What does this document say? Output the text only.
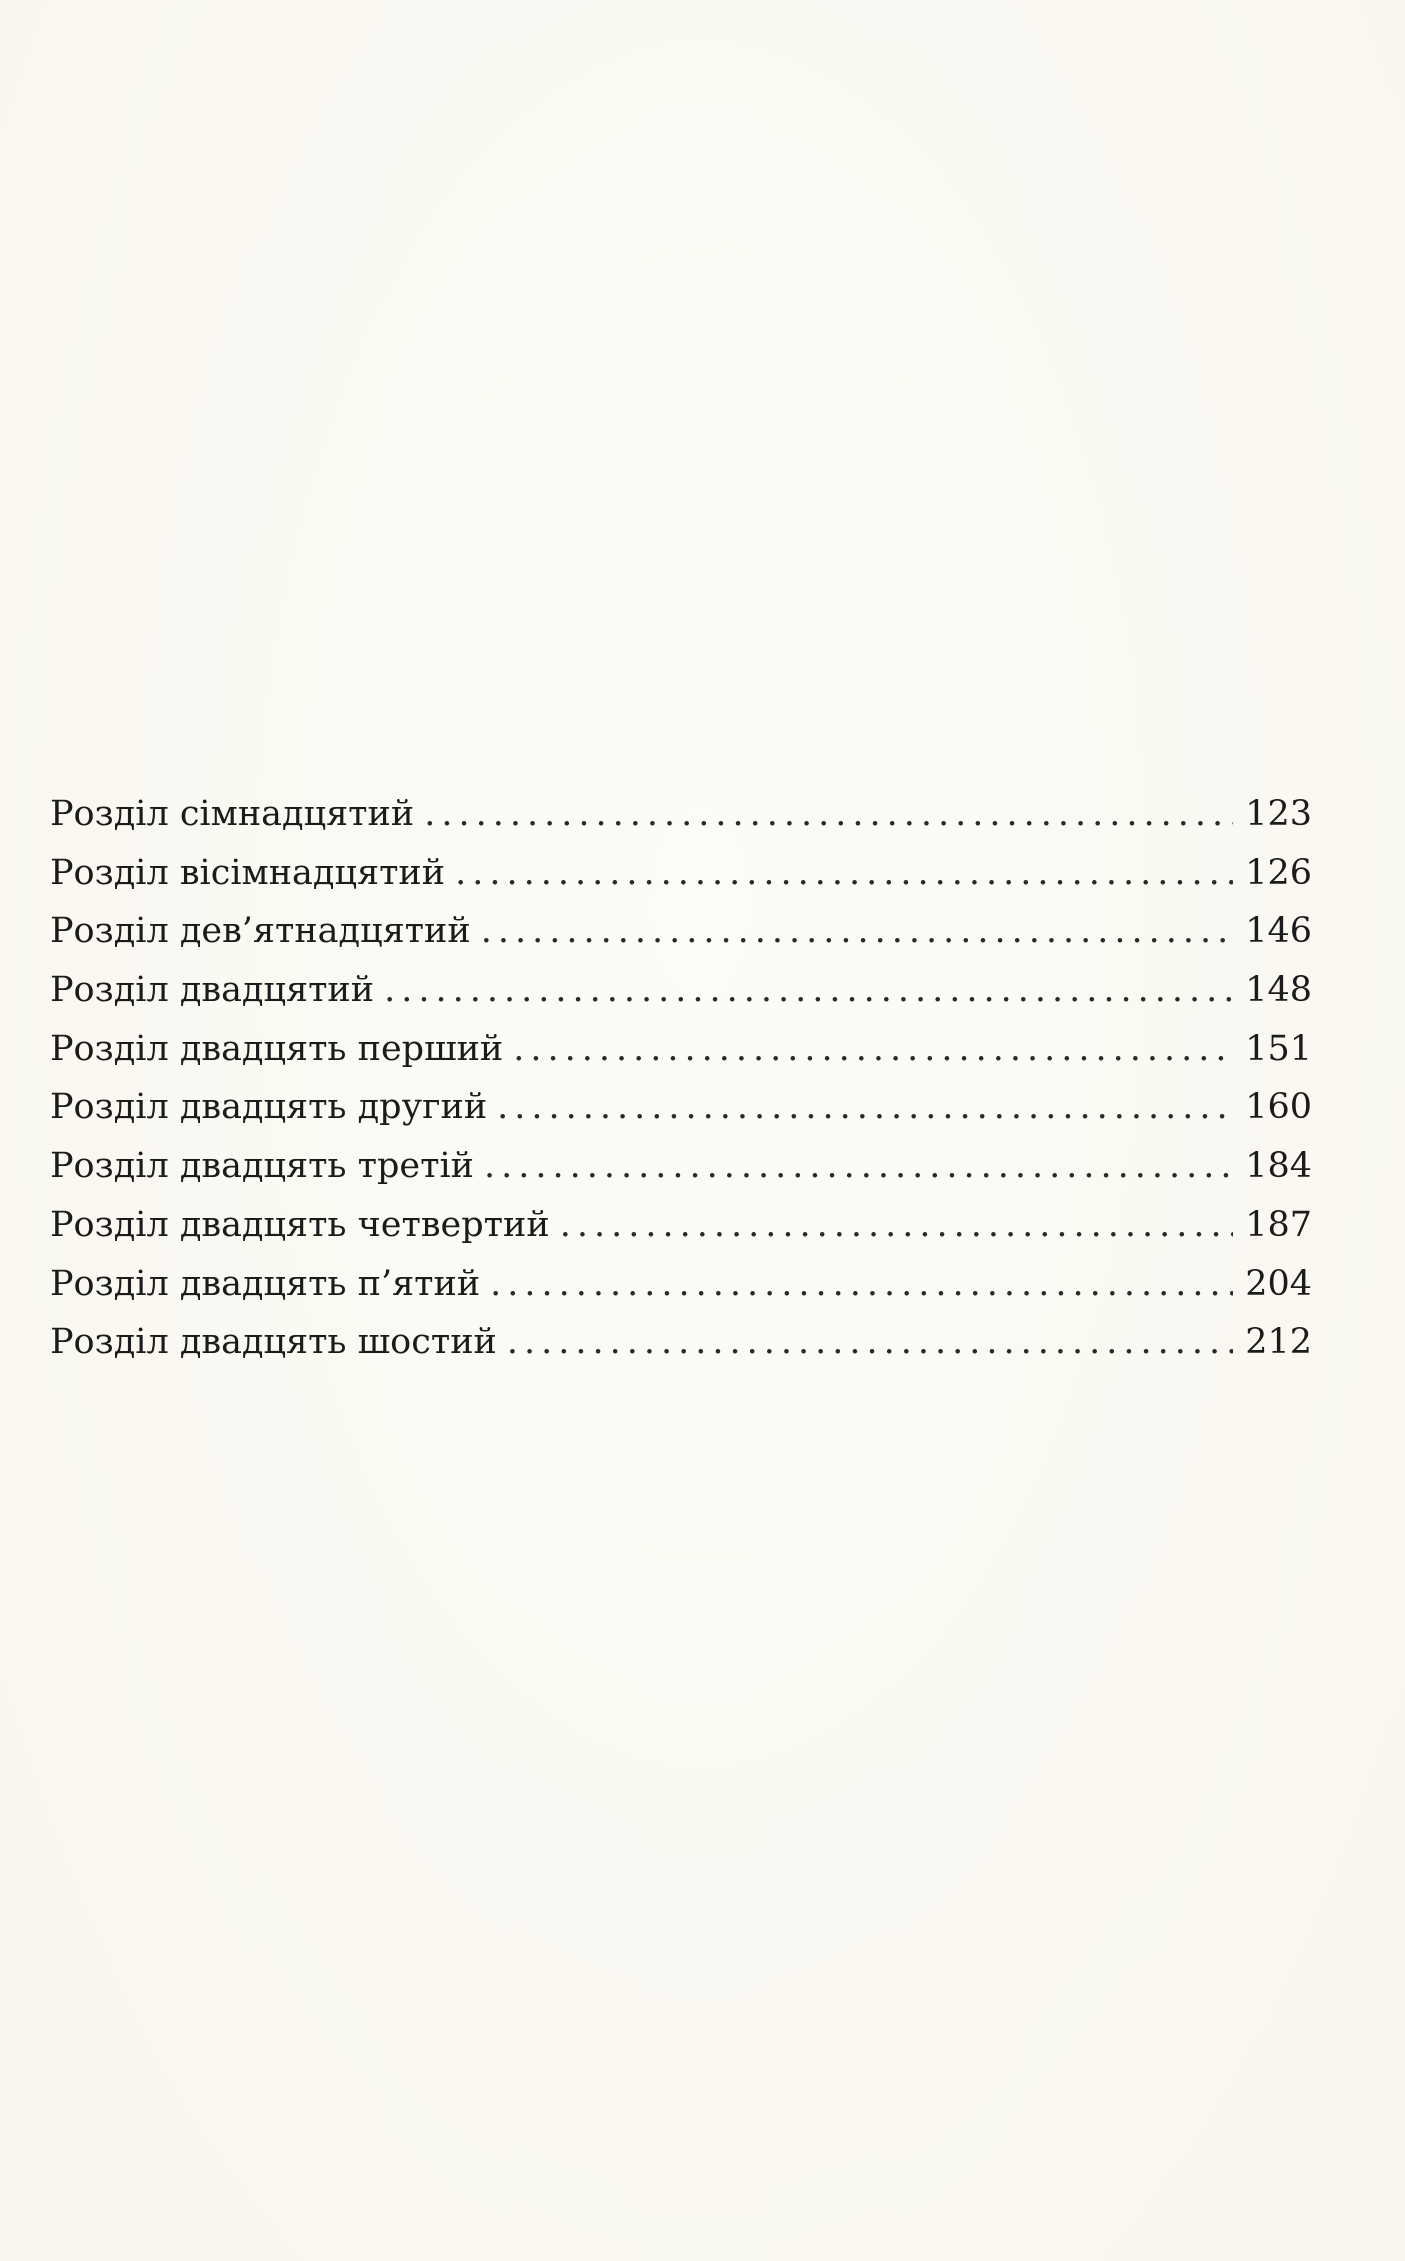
Розділ сімнадцятий .....	123
Розділ вісімнадцятий .....	126
Розділ дев’ятнадцятий .....	146
Розділ двадцятий .....	148
Розділ двадцять перший .....	151
Розділ двадцять другий .....	160
Розділ двадцять третій .....	184
Розділ двадцять четвертий .....	187
Розділ двадцять п’ятий .....	204
Розділ двадцять шостий .....	212
